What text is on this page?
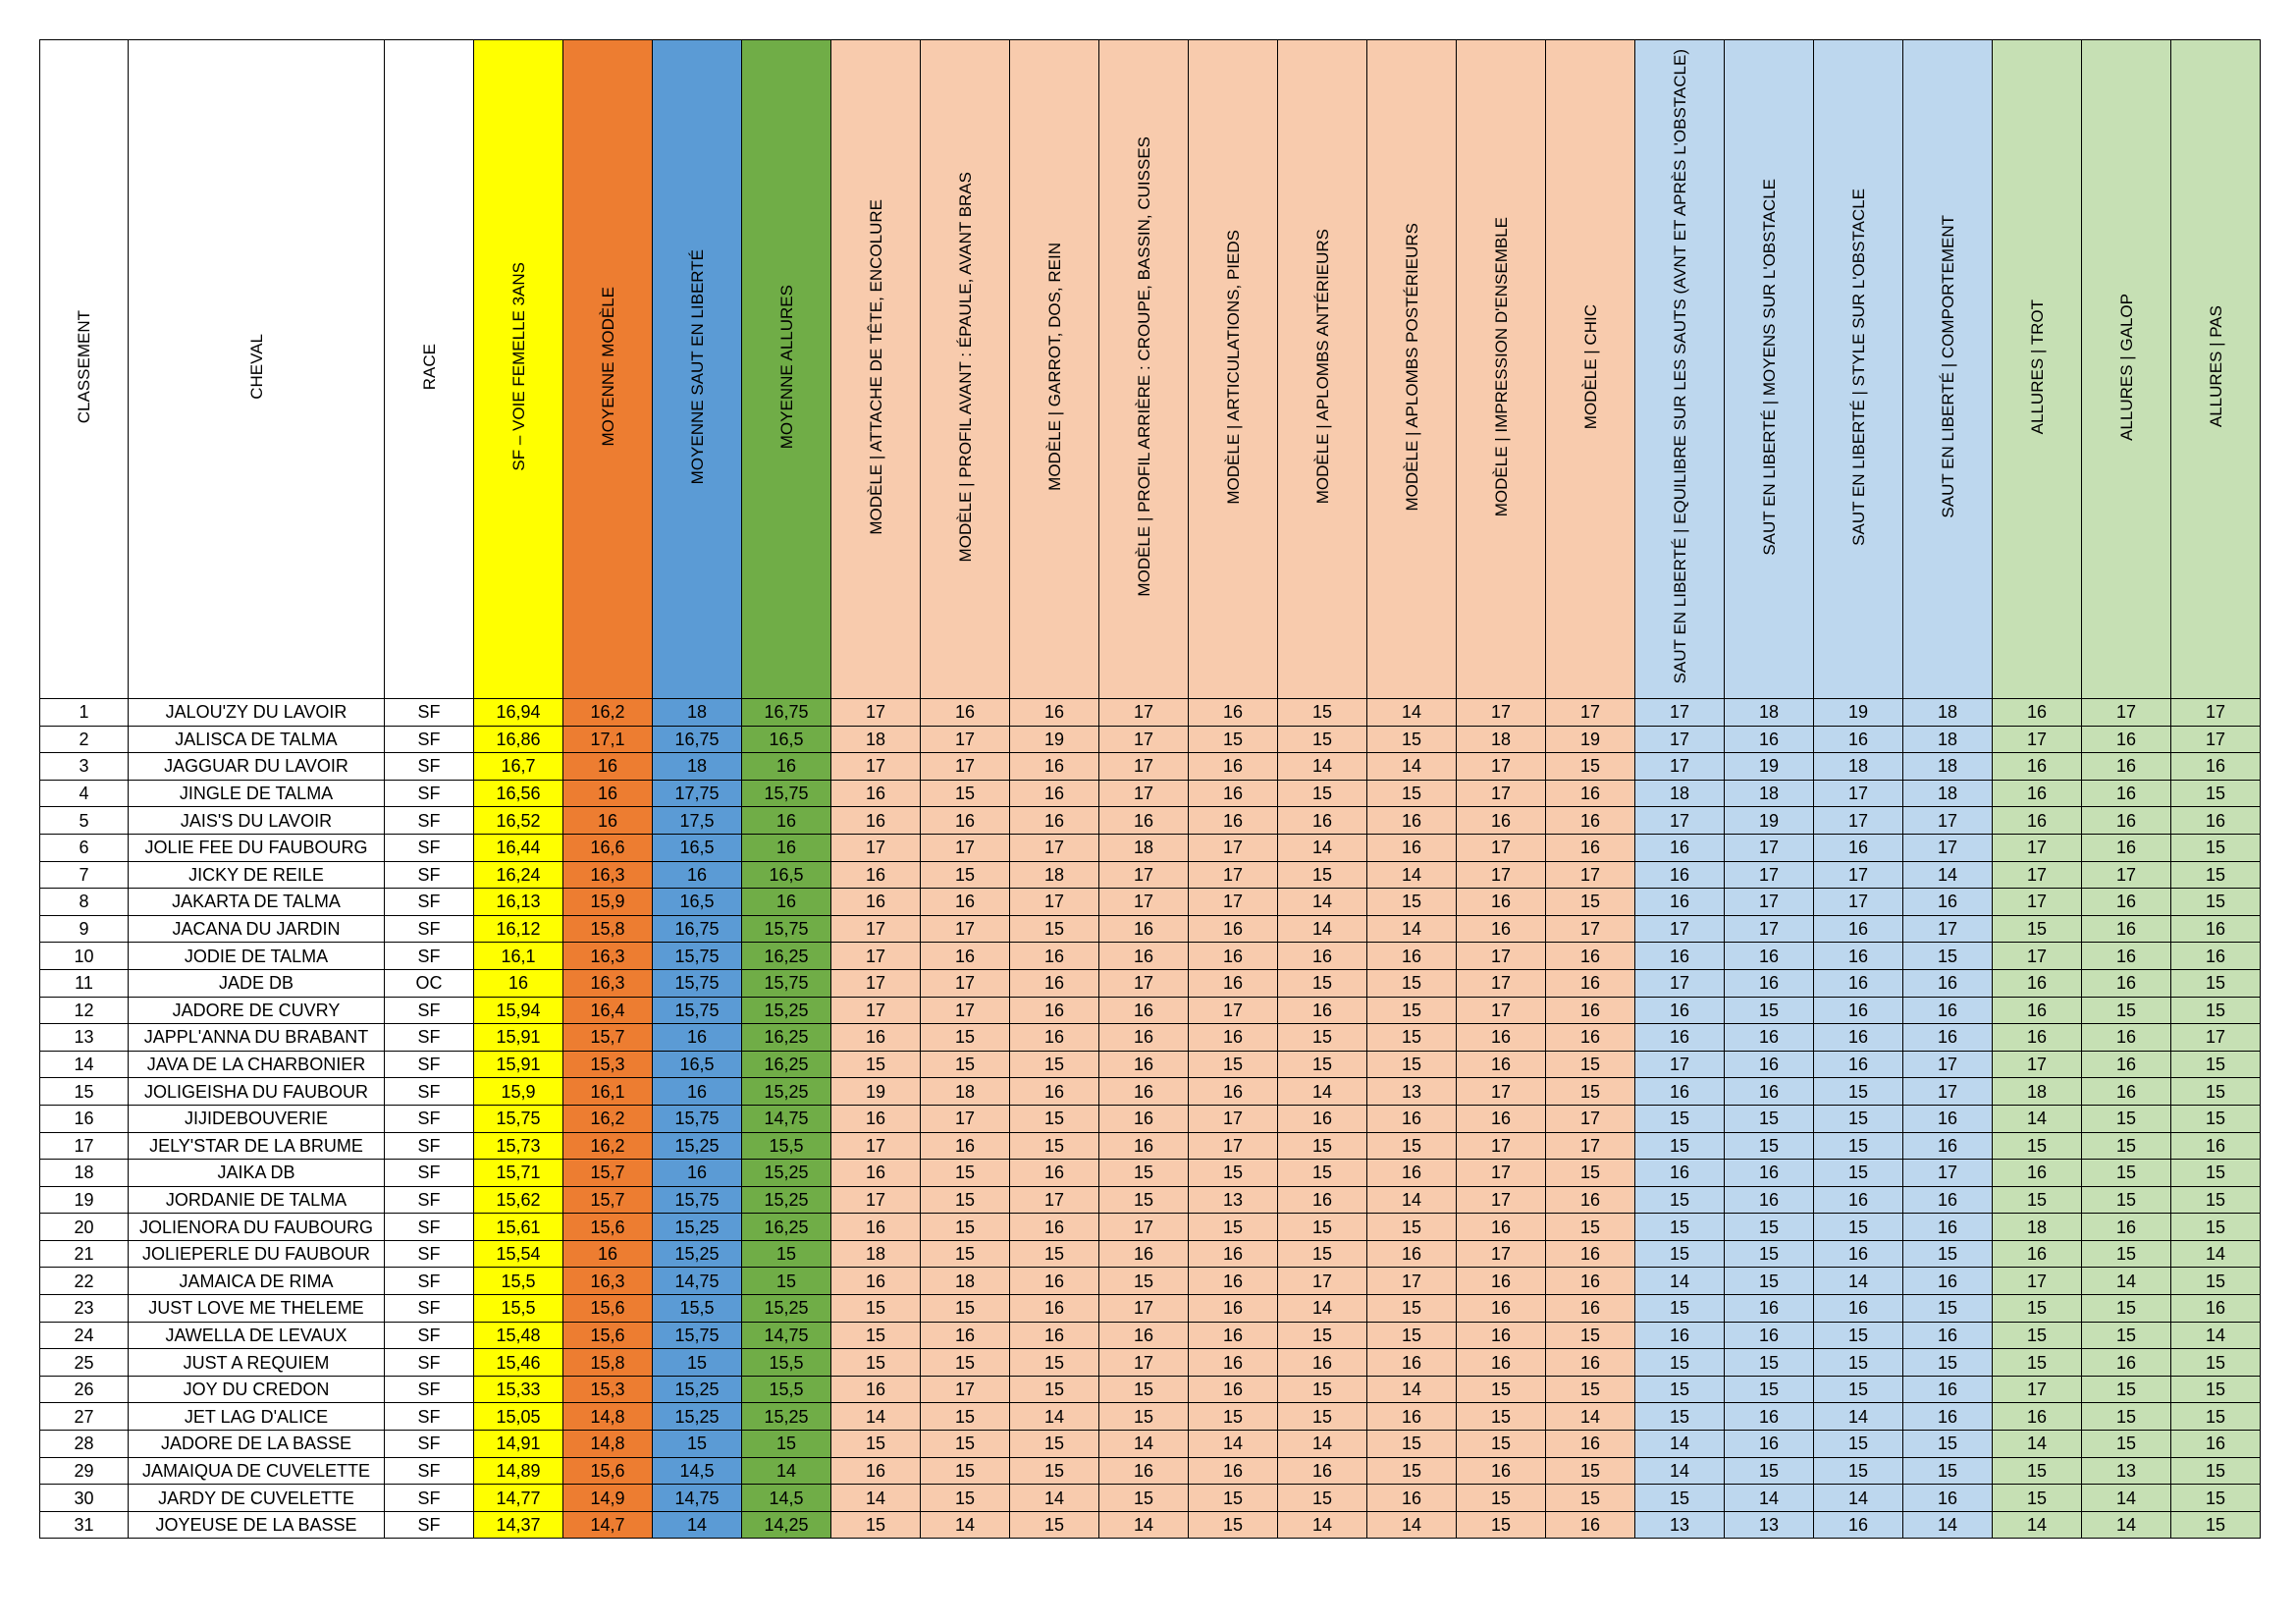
CLASSEMENT	CHEVAL	RACE	SF – VOIE FEMELLE 3ANS	MOYENNE MODÈLE	MOYENNE SAUT EN LIBERTÉ	MOYENNE ALLURES	MODÈLE | ATTACHE DE TÊTE, ENCOLURE	MODÈLE | PROFIL AVANT : ÉPAULE, AVANT BRAS	MODÈLE | GARROT, DOS, REIN	MODÈLE | PROFIL ARRIÈRE : CROUPE, BASSIN, CUISSES	MODÈLE | ARTICULATIONS, PIEDS	MODÈLE | APLOMBS ANTÉRIEURS	MODÈLE | APLOMBS POSTÉRIEURS	MODÈLE | IMPRESSION D'ENSEMBLE	MODÈLE | CHIC	SAUT EN LIBERTÉ | EQUILIBRE SUR LES SAUTS (AVNT ET APRÈS L'OBSTACLE)	SAUT EN LIBERTÉ | MOYENS SUR L'OBSTACLE	SAUT EN LIBERTÉ | STYLE SUR L'OBSTACLE	SAUT EN LIBERTÉ | COMPORTEMENT	ALLURES | TROT	ALLURES | GALOP	ALLURES | PAS
1	JALOU'ZY DU LAVOIR	SF	16,94	16,2	18	16,75	17	16	16	17	16	15	14	17	17	17	18	19	18	16	17	17
2	JALISCA DE TALMA	SF	16,86	17,1	16,75	16,5	18	17	19	17	15	15	15	18	19	17	16	16	18	17	16	17
3	JAGGUAR DU LAVOIR	SF	16,7	16	18	16	17	17	16	17	16	14	14	17	15	17	19	18	18	16	16	16
4	JINGLE DE TALMA	SF	16,56	16	17,75	15,75	16	15	16	17	16	15	15	17	16	18	18	17	18	16	16	15
5	JAIS'S DU LAVOIR	SF	16,52	16	17,5	16	16	16	16	16	16	16	16	16	16	17	19	17	17	16	16	16
6	JOLIE FEE DU FAUBOURG	SF	16,44	16,6	16,5	16	17	17	17	18	17	14	16	17	16	16	17	16	17	17	16	15
7	JICKY DE REILE	SF	16,24	16,3	16	16,5	16	15	18	17	17	15	14	17	17	16	17	17	14	17	17	15
8	JAKARTA DE TALMA	SF	16,13	15,9	16,5	16	16	16	17	17	17	14	15	16	15	16	17	17	16	17	16	15
9	JACANA DU JARDIN	SF	16,12	15,8	16,75	15,75	17	17	15	16	16	14	14	16	17	17	17	16	17	15	16	16
10	JODIE DE TALMA	SF	16,1	16,3	15,75	16,25	17	16	16	16	16	16	16	17	16	16	16	16	15	17	16	16
11	JADE DB	OC	16	16,3	15,75	15,75	17	17	16	17	16	15	15	17	16	17	16	16	16	16	16	15
12	JADORE DE CUVRY	SF	15,94	16,4	15,75	15,25	17	17	16	16	17	16	15	17	16	16	15	16	16	16	15	15
13	JAPPL'ANNA DU BRABANT	SF	15,91	15,7	16	16,25	16	15	16	16	16	15	15	16	16	16	16	16	16	16	16	17
14	JAVA DE LA CHARBONIER	SF	15,91	15,3	16,5	16,25	15	15	15	16	15	15	15	16	15	17	16	16	17	17	16	15
15	JOLIGEISHA DU FAUBOUR	SF	15,9	16,1	16	15,25	19	18	16	16	16	14	13	17	15	16	16	15	17	18	16	15
16	JIJIDEBOUVERIE	SF	15,75	16,2	15,75	14,75	16	17	15	16	17	16	16	16	17	15	15	15	16	14	15	15
17	JELY'STAR DE LA BRUME	SF	15,73	16,2	15,25	15,5	17	16	15	16	17	15	15	17	17	15	15	15	16	15	15	16
18	JAIKA DB	SF	15,71	15,7	16	15,25	16	15	16	15	15	15	16	17	15	16	16	15	17	16	15	15
19	JORDANIE DE TALMA	SF	15,62	15,7	15,75	15,25	17	15	17	15	13	16	14	17	16	15	16	16	16	15	15	15
20	JOLIENORA DU FAUBOURG	SF	15,61	15,6	15,25	16,25	16	15	16	17	15	15	15	16	15	15	15	15	16	18	16	15
21	JOLIEPERLE DU FAUBOUR	SF	15,54	16	15,25	15	18	15	15	16	16	15	16	17	16	15	15	16	15	16	15	14
22	JAMAICA DE RIMA	SF	15,5	16,3	14,75	15	16	18	16	15	16	17	17	16	16	14	15	14	16	17	14	15
23	JUST LOVE ME THELEME	SF	15,5	15,6	15,5	15,25	15	15	16	17	16	14	15	16	16	15	16	16	15	15	15	16
24	JAWELLA DE LEVAUX	SF	15,48	15,6	15,75	14,75	15	16	16	16	16	15	15	16	15	16	16	15	16	15	15	14
25	JUST A REQUIEM	SF	15,46	15,8	15	15,5	15	15	15	17	16	16	16	16	16	15	15	15	15	15	16	15
26	JOY DU CREDON	SF	15,33	15,3	15,25	15,5	16	17	15	15	16	15	14	15	15	15	15	15	16	17	15	15
27	JET LAG D'ALICE	SF	15,05	14,8	15,25	15,25	14	15	14	15	15	15	16	15	14	15	16	14	16	16	15	15
28	JADORE DE LA BASSE	SF	14,91	14,8	15	15	15	15	15	14	14	14	15	15	16	14	16	15	15	14	15	16
29	JAMAIQUA DE CUVELETTE	SF	14,89	15,6	14,5	14	16	15	15	16	16	16	15	16	15	14	15	15	15	15	13	15
30	JARDY DE CUVELETTE	SF	14,77	14,9	14,75	14,5	14	15	14	15	15	15	16	15	15	15	14	14	16	15	14	15
31	JOYEUSE DE LA BASSE	SF	14,37	14,7	14	14,25	15	14	15	14	15	14	14	15	16	13	13	16	14	14	14	15
